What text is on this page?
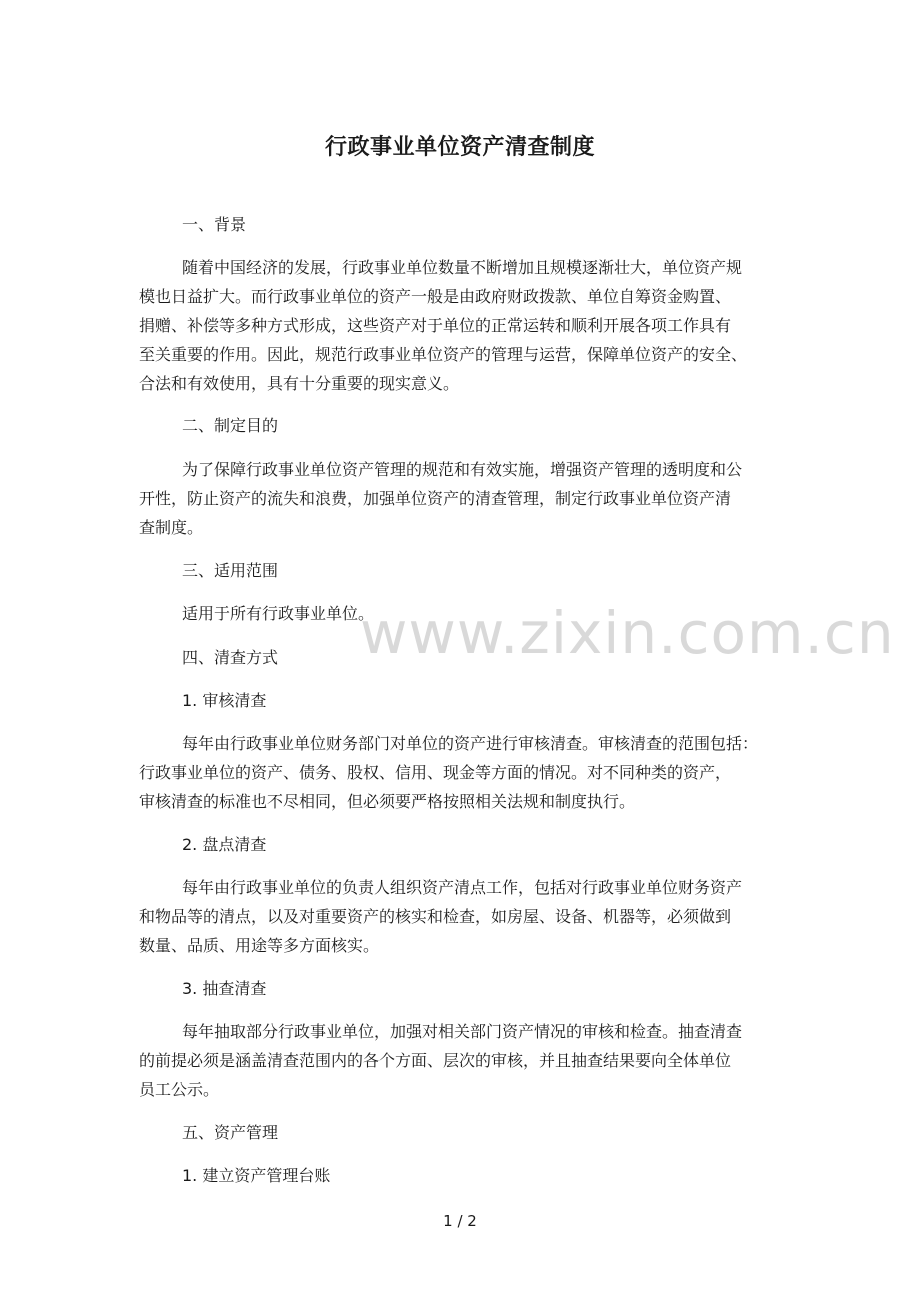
行政事业单位资产清查制度
一、背景
随着中国经济的发展，行政事业单位数量不断增加且规模逐渐壮大，单位资产规
模也日益扩大。而行政事业单位的资产一般是由政府财政拨款、单位自筹资金购置、
捐赠、补偿等多种方式形成，这些资产对于单位的正常运转和顺利开展各项工作具有
至关重要的作用。因此，规范行政事业单位资产的管理与运营，保障单位资产的安全、
合法和有效使用，具有十分重要的现实意义。
二、制定目的
为了保障行政事业单位资产管理的规范和有效实施，增强资产管理的透明度和公
开性，防止资产的流失和浪费，加强单位资产的清查管理，制定行政事业单位资产清
查制度。
三、适用范围
适用于所有行政事业单位。
四、清查方式
1. 审核清查
每年由行政事业单位财务部门对单位的资产进行审核清查。审核清查的范围包括：
行政事业单位的资产、债务、股权、信用、现金等方面的情况。对不同种类的资产，
审核清查的标准也不尽相同，但必须要严格按照相关法规和制度执行。
2. 盘点清查
每年由行政事业单位的负责人组织资产清点工作，包括对行政事业单位财务资产
和物品等的清点，以及对重要资产的核实和检查，如房屋、设备、机器等，必须做到
数量、品质、用途等多方面核实。
3. 抽查清查
每年抽取部分行政事业单位，加强对相关部门资产情况的审核和检查。抽查清查
的前提必须是涵盖清查范围内的各个方面、层次的审核，并且抽查结果要向全体单位
员工公示。
五、资产管理
1. 建立资产管理台账
www.zixin.com.cn
1 / 2
